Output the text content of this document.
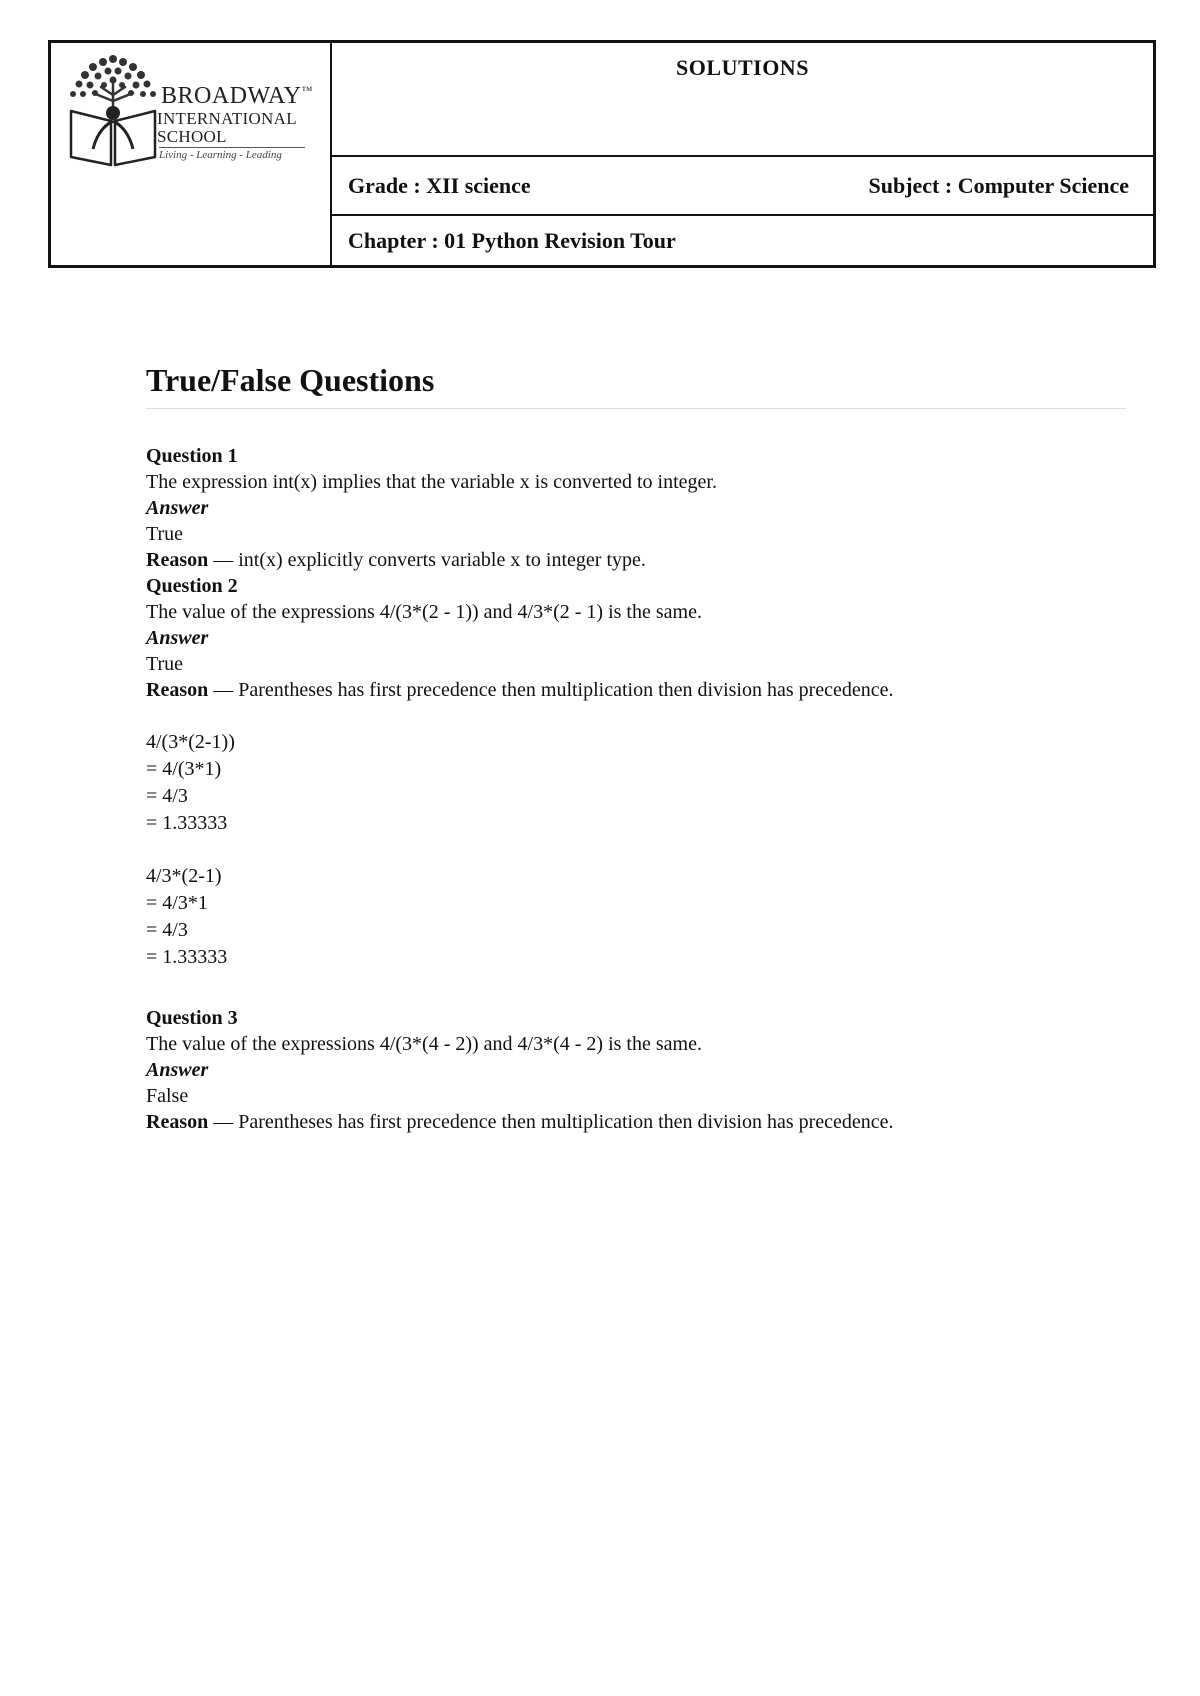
BROADWAY™
INTERNATIONAL
SCHOOL
Living - Learning - Leading
SOLUTIONS
Grade : XII science	Subject : Computer Science
Chapter : 01 Python Revision Tour
True/False Questions

Question 1

The expression int(x) implies that the variable x is converted to integer.

Answer

True

Reason — int(x) explicitly converts variable x to integer type.

Question 2

The value of the expressions 4/(3*(2 - 1)) and 4/3*(2 - 1) is the same.

Answer

True

Reason — Parentheses has first precedence then multiplication then division has precedence.

4/(3*(2-1))
= 4/(3*1)
= 4/3
= 1.33333
4/3*(2-1)
= 4/3*1
= 4/3
= 1.33333

Question 3

The value of the expressions 4/(3*(4 - 2)) and 4/3*(4 - 2) is the same.

Answer

False

Reason — Parentheses has first precedence then multiplication then division has precedence.
